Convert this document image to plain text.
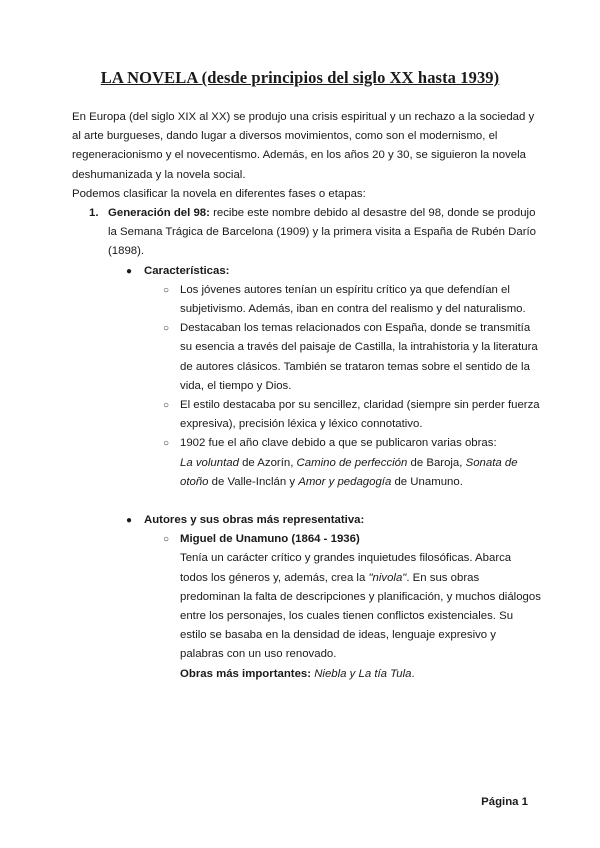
LA NOVELA (desde principios del siglo XX hasta 1939)

En Europa (del siglo XIX al XX) se produjo una crisis espiritual y un rechazo a la sociedad y al arte burgueses, dando lugar a diversos movimientos, como son el modernismo, el regeneracionismo y el novecentismo. Además, en los años 20 y 30, se siguieron la novela deshumanizada y la novela social.

Podemos clasificar la novela en diferentes fases o etapas:

1. Generación del 98: recibe este nombre debido al desastre del 98, donde se produjo la Semana Trágica de Barcelona (1909) y la primera visita a España de Rubén Darío (1898).
● Características:
○ Los jóvenes autores tenían un espíritu crítico ya que defendían el subjetivismo. Además, iban en contra del realismo y del naturalismo.
○ Destacaban los temas relacionados con España, donde se transmitía su esencia a través del paisaje de Castilla, la intrahistoria y la literatura de autores clásicos. También se trataron temas sobre el sentido de la vida, el tiempo y Dios.
○ El estilo destacaba por su sencillez, claridad (siempre sin perder fuerza expresiva), precisión léxica y léxico connotativo.
○ 1902 fue el año clave debido a que se publicaron varias obras:
La voluntad de Azorín, Camino de perfección de Baroja, Sonata de otoño de Valle-Inclán y Amor y pedagogía de Unamuno.
● Autores y sus obras más representativa:
○ Miguel de Unamuno (1864 - 1936)
Tenía un carácter crítico y grandes inquietudes filosóficas. Abarca todos los géneros y, además, crea la "nivola". En sus obras predominan la falta de descripciones y planificación, y muchos diálogos entre los personajes, los cuales tienen conflictos existenciales. Su estilo se basaba en la densidad de ideas, lenguaje expresivo y palabras con un uso renovado.
Obras más importantes: Niebla y La tía Tula.
Página 1
